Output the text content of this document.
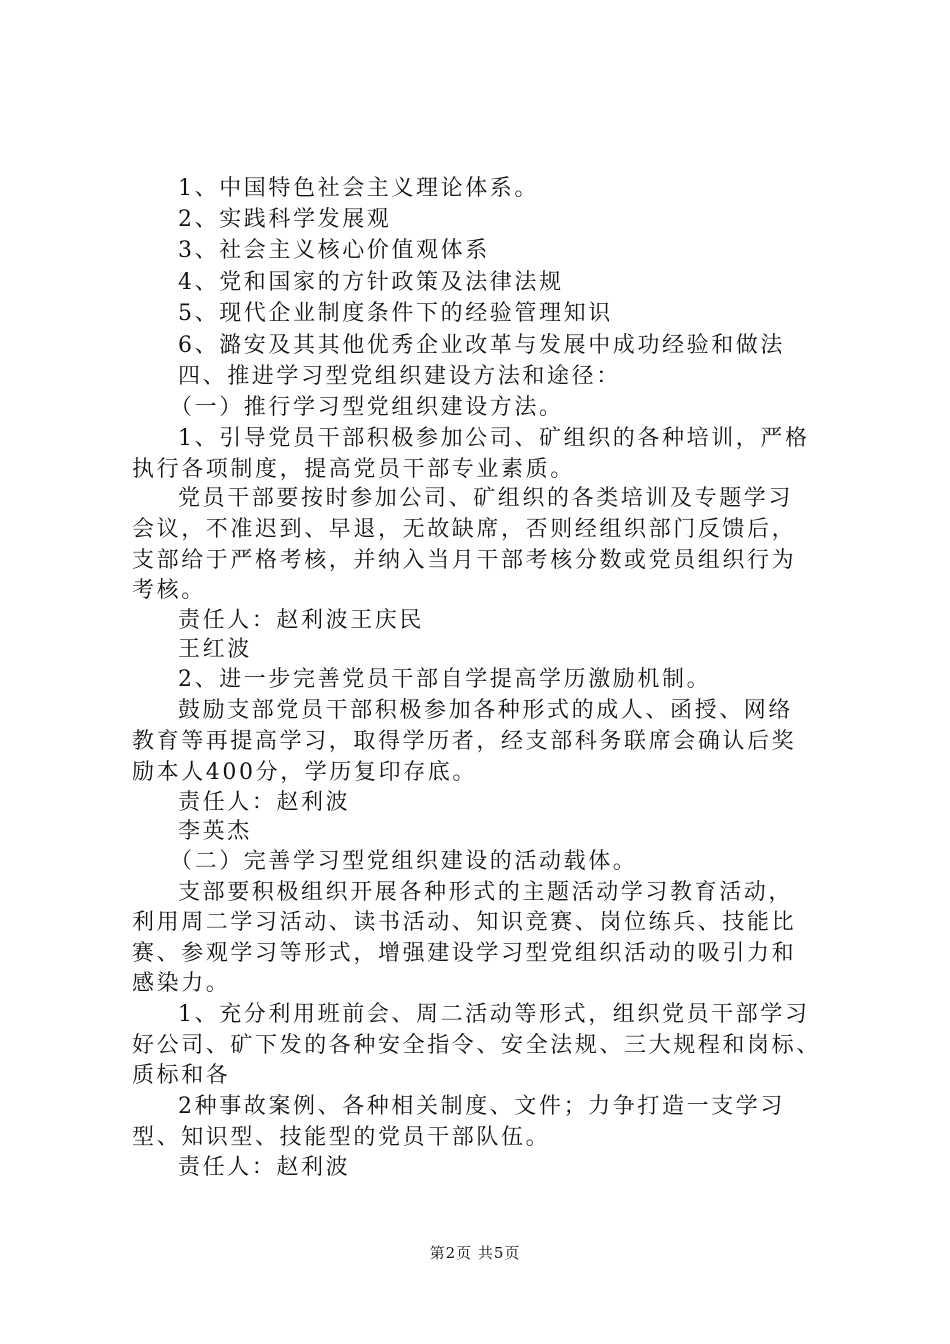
1、中国特色社会主义理论体系。
2、实践科学发展观
3、社会主义核心价值观体系
4、党和国家的方针政策及法律法规
5、现代企业制度条件下的经验管理知识
6、潞安及其其他优秀企业改革与发展中成功经验和做法
四、推进学习型党组织建设方法和途径：
（一）推行学习型党组织建设方法。
1、引导党员干部积极参加公司、矿组织的各种培训，严格
执行各项制度，提高党员干部专业素质。
党员干部要按时参加公司、矿组织的各类培训及专题学习
会议，不准迟到、早退，无故缺席，否则经组织部门反馈后，
支部给于严格考核，并纳入当月干部考核分数或党员组织行为
考核。
责任人：赵利波王庆民
王红波
2、进一步完善党员干部自学提高学历激励机制。
鼓励支部党员干部积极参加各种形式的成人、函授、网络
教育等再提高学习，取得学历者，经支部科务联席会确认后奖
励本人400分，学历复印存底。
责任人：赵利波
李英杰
（二）完善学习型党组织建设的活动载体。
支部要积极组织开展各种形式的主题活动学习教育活动，
利用周二学习活动、读书活动、知识竞赛、岗位练兵、技能比
赛、参观学习等形式，增强建设学习型党组织活动的吸引力和
感染力。
1、充分利用班前会、周二活动等形式，组织党员干部学习
好公司、矿下发的各种安全指令、安全法规、三大规程和岗标、
质标和各
2种事故案例、各种相关制度、文件；力争打造一支学习
型、知识型、技能型的党员干部队伍。
责任人：赵利波
第2页 共5页
